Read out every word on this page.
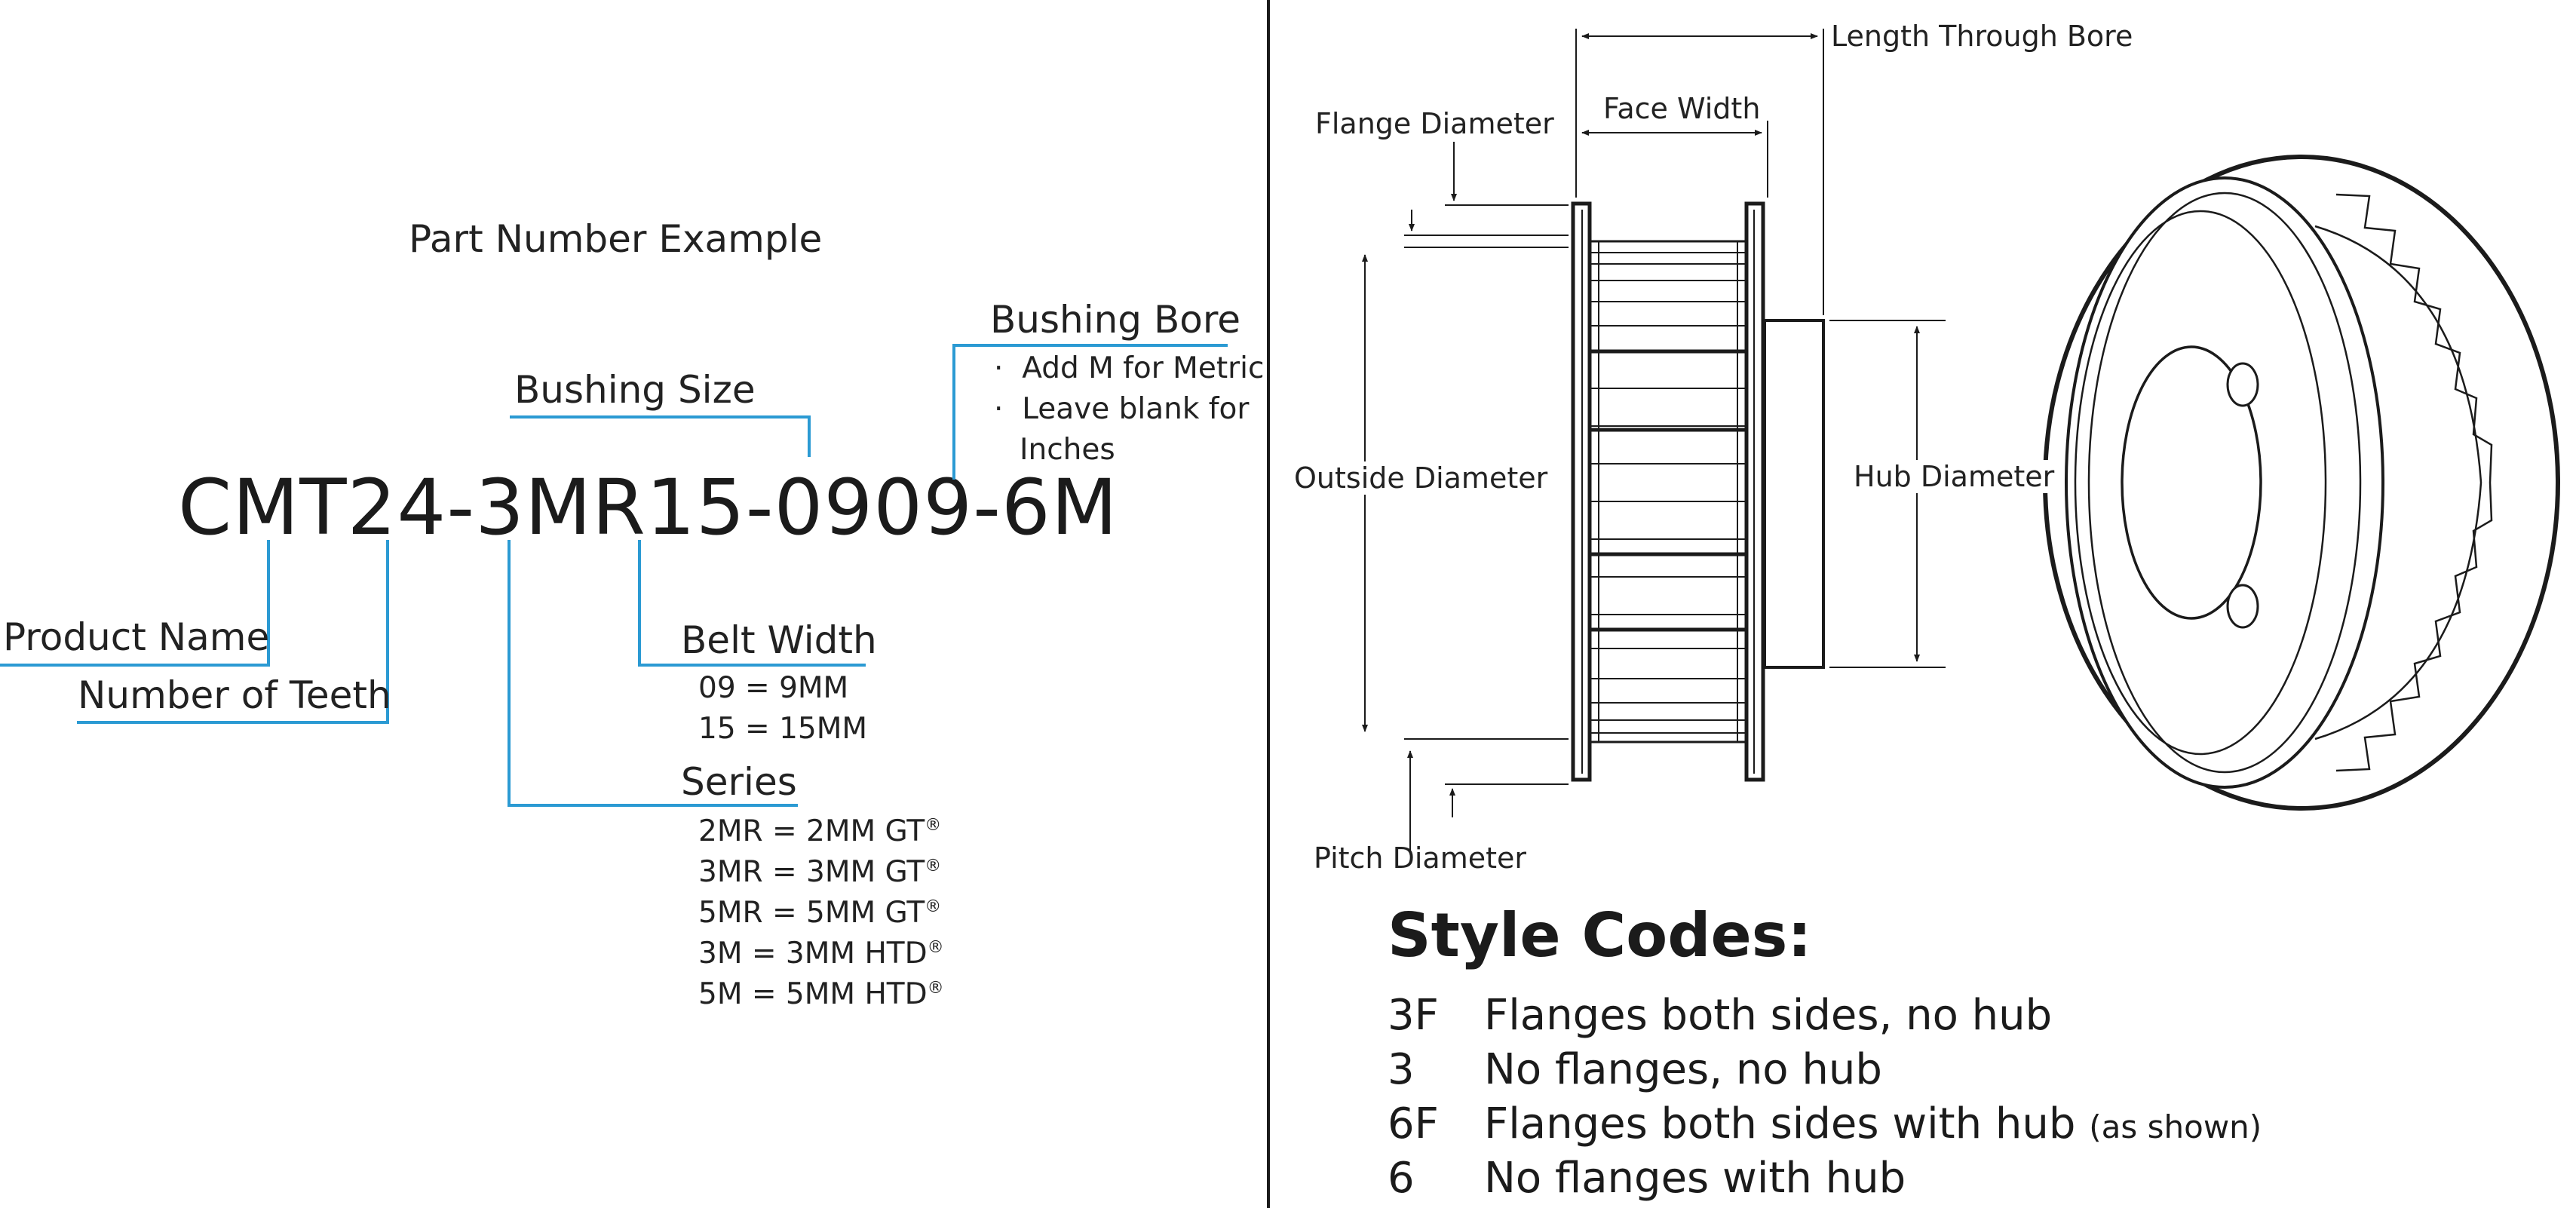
Part Number Example
CMT24-3MR15-0909-6M
Product Name
Number of Teeth
Bushing Size
Bushing Bore
·  Add M for Metric
·  Leave blank for
Inches
Belt Width
09 = 9MM
15 = 15MM
Series
2MR = 2MM GT®
3MR = 3MM GT®
5MR = 5MM GT®
3M = 3MM HTD®
5M = 5MM HTD®
Length Through Bore
Face Width
Flange Diameter
Outside Diameter	Hub Diameter
Pitch Diameter
Style Codes:
3F Flanges both sides, no hub
3 No flanges, no hub
6F Flanges both sides with hub (as shown)
6 No flanges with hub
